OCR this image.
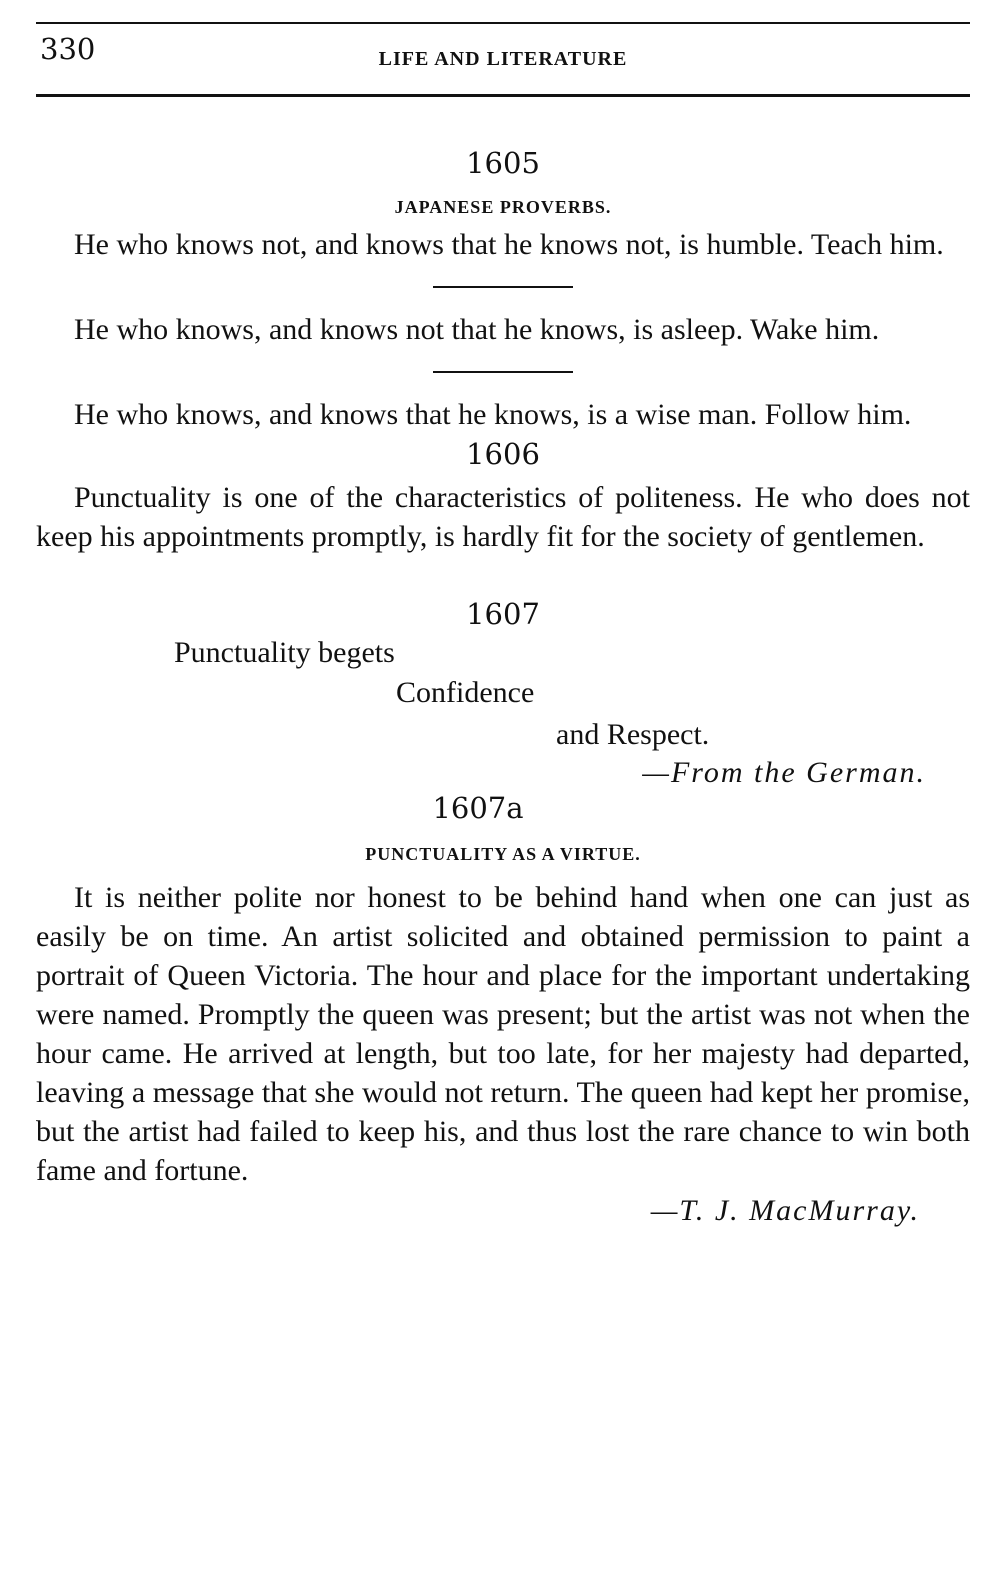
330	LIFE AND LITERATURE
1605
JAPANESE PROVERBS.
He who knows not, and knows that he knows not, is humble. Teach him.
He who knows, and knows not that he knows, is asleep. Wake him.
He who knows, and knows that he knows, is a wise man. Follow him.
1606
Punctuality is one of the characteristics of politeness. He who does not keep his appointments promptly, is hardly fit for the society of gentlemen.
1607
Punctuality begets
Confidence
and Respect.
—From the German.
1607a
PUNCTUALITY AS A VIRTUE.
It is neither polite nor honest to be behind hand when one can just as easily be on time. An artist solicited and obtained permission to paint a portrait of Queen Victoria. The hour and place for the important undertaking were named. Promptly the queen was present; but the artist was not when the hour came. He arrived at length, but too late, for her majesty had departed, leaving a message that she would not return. The queen had kept her promise, but the artist had failed to keep his, and thus lost the rare chance to win both fame and fortune.
—T. J. MacMurray.
